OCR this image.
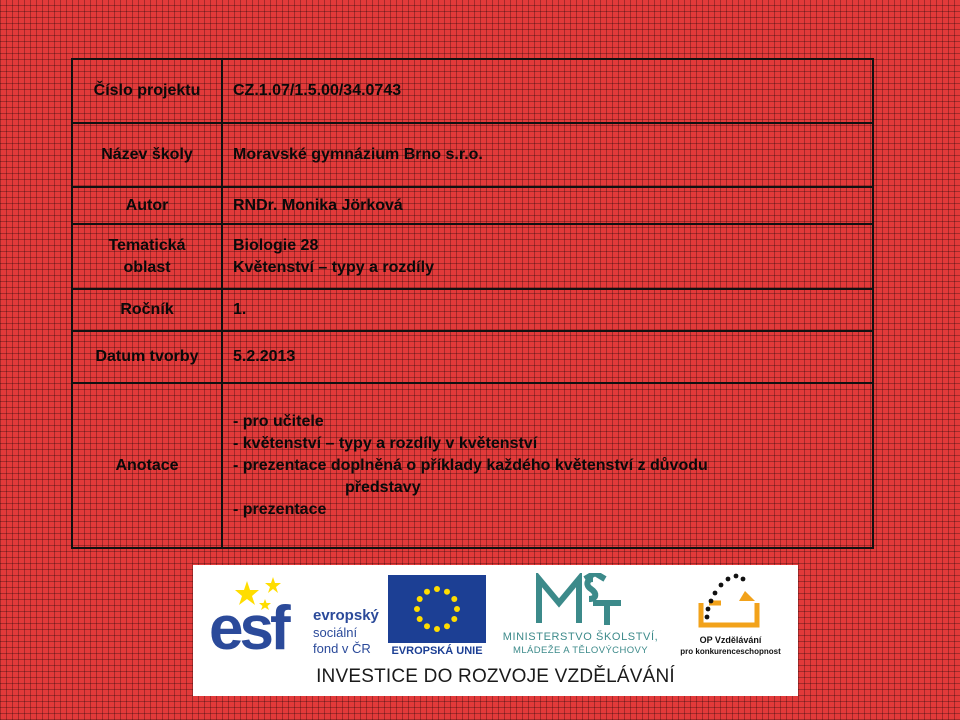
Číslo projektu	CZ.1.07/1.5.00/34.0743

Název školy	Moravské gymnázium Brno s.r.o.

Autor	RNDr. Monika Jörková

Tematická
oblast	Biologie 28
Květenství – typy a rozdíly

Ročník	1.

Datum tvorby	5.2.2013

Anotace	- pro učitele
- květenství – typy a rozdíly v květenství
- prezentace doplněná o příklady každého květenství z důvodu
představy
- prezentace
esf evropský
sociální
fond v ČR	EVROPSKÁ UNIE
MINISTERSTVO ŠKOLSTVÍ,
MLÁDEŽE A TĚLOVÝCHOVY
OP Vzdělávání
pro konkurenceschopnost
INVESTICE DO ROZVOJE VZDĚLÁVÁNÍ
